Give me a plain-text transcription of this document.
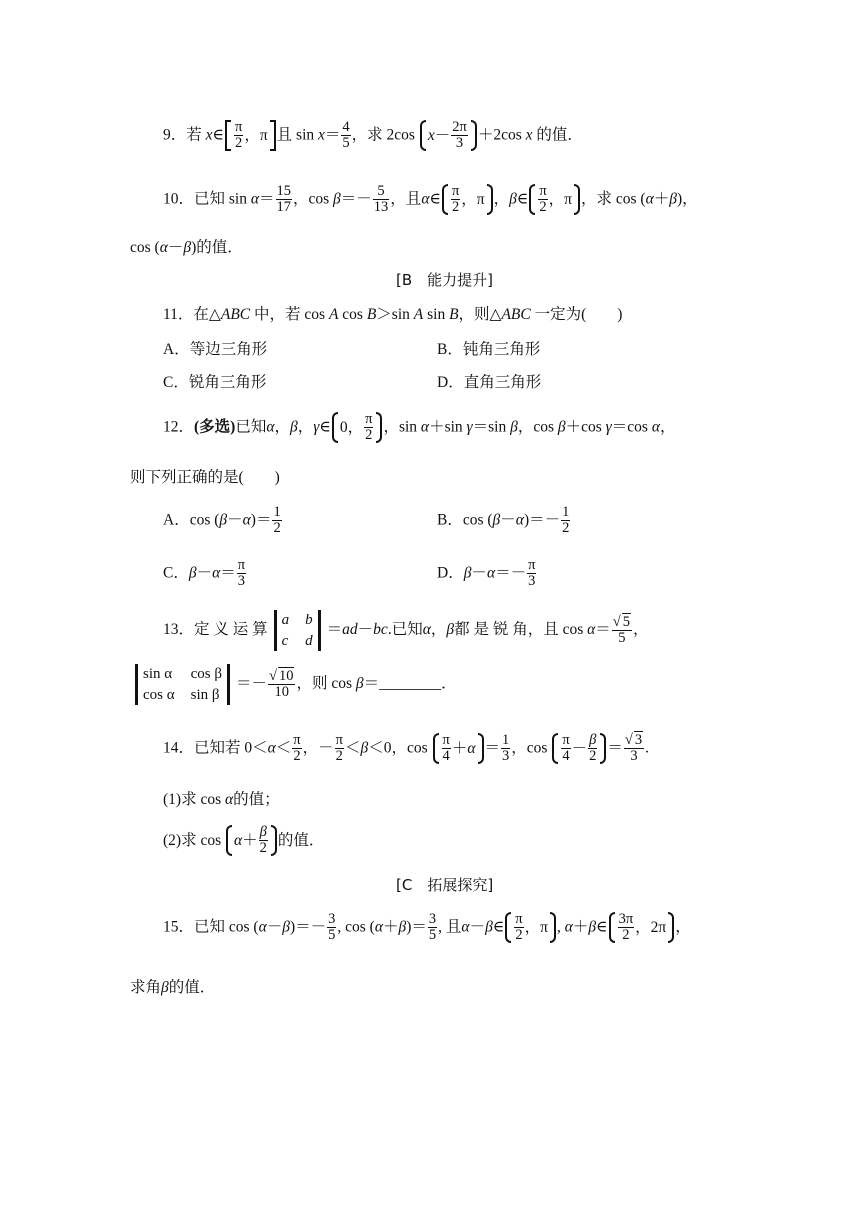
9．若 x∈ π
2 ，π 且 $\sin x= \frac{4}{5}$ ，求 2cos x － 2π
3 ＋2cos x 的值．
10．已知 $\sin \alpha= \frac{15}{17}$ ，$\cos \beta=- \frac{5}{13}$ ，且α∈ π
2 ，π ，β∈ π
2 ，π ，求 cos (α＋β)，
cos (α－β)的值．
[B　能力提升]
11．在△ABC 中，若 cos A cos B＞sin A sin B，则△ABC 一定为(　　)
A．等边三角形	B．钝角三角形
C．锐角三角形	D．直角三角形
12．(多选)已知α，β，γ∈ 0， π
2 ，sin α＋sin γ＝sin β，cos β＋cos γ＝cos α，
则下列正确的是(　　)
A．$\cos (\beta-\alpha)= \frac{1}{2}$	B．$\cos (\beta-\alpha)=- \frac{1}{2}$
C．$\beta-\alpha= \frac{\pi}{3}$	D．$\beta-\alpha=- \frac{\pi}{3}$
13．定 义 运 算
a b
c d
＝ad－bc.已知α，β都 是 锐 角，且 $\cos \alpha= \frac{√ 5}{5}$ ，
sin α cos β
cos α sin β
＝－ $\frac{√ 10}{10}$ ，则 cos β＝________．
14．已知若 $0<\alpha< \frac{\pi}{2}$ ，－ $\frac{\pi}{2} <\beta<0$，cos π
$4 + \alpha = \frac{1}{3}$ ，cos π
4 － β
$2 = \frac{√ 3}{3}$ .
(1)求 cos α的值；
(2)求 cos α ＋ β
2 的值．
[C　拓展探究]
15．已知 $\cos (\alpha-\beta)=- \frac{3}{5}$ , $\cos (\alpha+\beta)= \frac{3}{5}$ , 且α－β∈ π
2 ，π , α＋β∈ 3π
2 ，2π ，
求角β的值．
